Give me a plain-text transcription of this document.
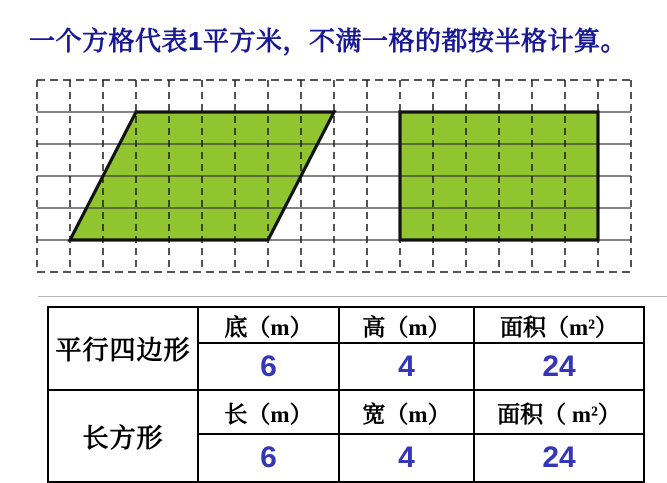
一个方格代表1平方米，不满一格的都按半格计算。
平行四边形	底（m）	高（m）	面积（m²）
	6	4	24
长方形	长（m）	宽（m）	面积（ m²）
	6	4	24
